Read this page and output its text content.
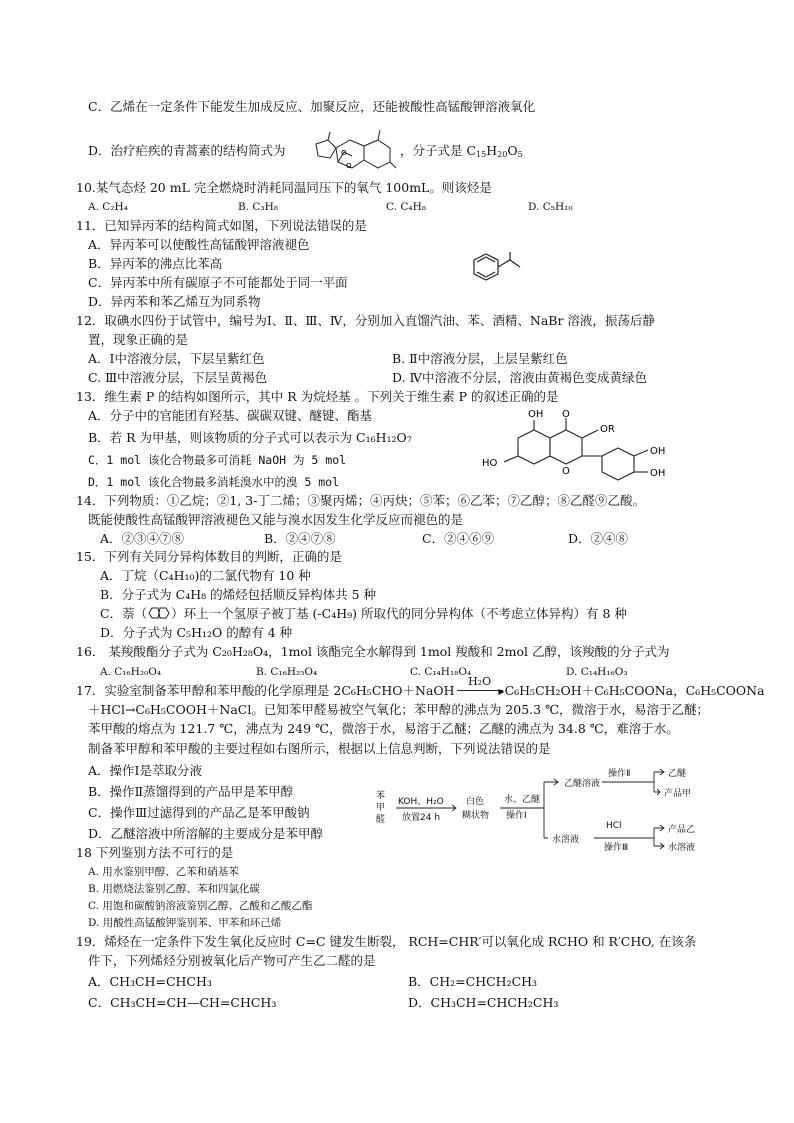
C．乙烯在一定条件下能发生加成反应、加聚反应，还能被酸性高锰酸钾溶液氧化
D．治疗疟疾的青蒿素的结构简式为	O
O
，分子式是 $C_{15}H_{20}O_5$
10.某气态烃 20 mL 完全燃烧时消耗同温同压下的氧气 100mL。则该烃是
A. C₂H₄	B. C₃H₈	C. C₄H₈	D. C₅H₁₀
11．已知异丙苯的结构简式如图，下列说法错误的是
A．异丙苯可以使酸性高锰酸钾溶液褪色
B．异丙苯的沸点比苯高
C．异丙苯中所有碳原子不可能都处于同一平面
D．异丙苯和苯乙烯互为同系物
12．取碘水四份于试管中，编号为Ⅰ、Ⅱ、Ⅲ、Ⅳ，分别加入直馏汽油、苯、酒精、NaBr 溶液，振荡后静
置，现象正确的是
A．Ⅰ中溶液分层，下层呈紫红色	B. Ⅱ中溶液分层，上层呈紫红色
C. Ⅲ中溶液分层，下层呈黄褐色	D. Ⅳ中溶液不分层，溶液由黄褐色变成黄绿色
13．维生素 P 的结构如图所示，其中 R 为烷烃基 。下列关于维生素 P 的叙述正确的是
A．分子中的官能团有羟基、碳碳双键、醚键、酯基
B．若 R 为甲基，则该物质的分子式可以表示为 C₁₆H₁₂O₇
C．1 mol 该化合物最多可消耗 NaOH 为 5 mol
D．1 mol 该化合物最多消耗溴水中的溴 5 mol
OH O
OR
HO
O
OH
OH
14．下列物质：①乙烷；②1, 3-丁二烯；③聚丙烯；④丙炔；⑤苯；⑥乙苯；⑦乙醇；⑧乙醛⑨乙酸。
既能使酸性高锰酸钾溶液褪色又能与溴水因发生化学反应而褪色的是
A．②③④⑦⑧	B．②④⑦⑧	C．②④⑥⑨	D．②④⑧
15．下列有关同分异构体数目的判断，正确的是
A．丁烷（C₄H₁₀)的二氯代物有 10 种
B．分子式为 C₄H₈ 的烯烃包括顺反异构体共 5 种
C．萘（ ）环上一个氢原子被丁基 (-C₄H₉) 所取代的同分异构体（不考虑立体异构）有 8 种
D．分子式为 C₅H₁₂O 的醇有 4 种
16． 某羧酸酯分子式为 C₂₀H₂₈O₄，1mol 该酯完全水解得到 1mol 羧酸和 2mol 乙醇，该羧酸的分子式为
A. C₁₆H₂₀O₄	B. C₁₆H₂₅O₄	C. C₁₄H₁₈O₄	D. C₁₄H₁₆O₃
17．实验室制备苯甲醇和苯甲酸的化学原理是 2C₆H₅CHO＋NaOH
H₂O
▶ C₆H₅CH₂OH＋C₆H₅COONa，C₆H₅COONa
＋HCl→C₆H₅COOH＋NaCl。已知苯甲醛易被空气氧化；苯甲醇的沸点为 205.3 ℃，微溶于水，易溶于乙醚；
苯甲酸的熔点为 121.7 ℃，沸点为 249 ℃，微溶于水，易溶于乙醚；乙醚的沸点为 34.8 ℃，难溶于水。
制备苯甲醇和苯甲酸的主要过程如右图所示，根据以上信息判断，下列说法错误的是
A．操作Ⅰ是萃取分液
B．操作Ⅱ蒸馏得到的产品甲是苯甲醇
C．操作Ⅲ过滤得到的产品乙是苯甲酸钠
D．乙醚溶液中所溶解的主要成分是苯甲醇
苯
甲
醛
KOH、H₂O
放置24 h
白色
糊状物
水、乙醚
操作Ⅰ
乙醚溶液
操作Ⅱ	乙醚
产品甲
水溶液
HCl
操作Ⅲ
产品乙
水溶液
18 下列鉴别方法不可行的是
A. 用水鉴别甲醇、乙苯和硝基苯
B. 用燃烧法鉴别乙醇、苯和四氯化碳
C. 用饱和碳酸钠溶液鉴别乙醇、乙酸和乙酸乙酯
D. 用酸性高锰酸钾鉴别苯、甲苯和环己烯
19．烯烃在一定条件下发生氧化反应时 C=C 键发生断裂， RCH=CHR′可以氧化成 RCHO 和 R′CHO, 在该条
件下，下列烯烃分别被氧化后产物可产生乙二醛的是
A．CH₃CH=CHCH₃	B．CH₂=CHCH₂CH₃
C．CH₃CH=CH—CH=CHCH₃	D．CH₃CH=CHCH₂CH₃
